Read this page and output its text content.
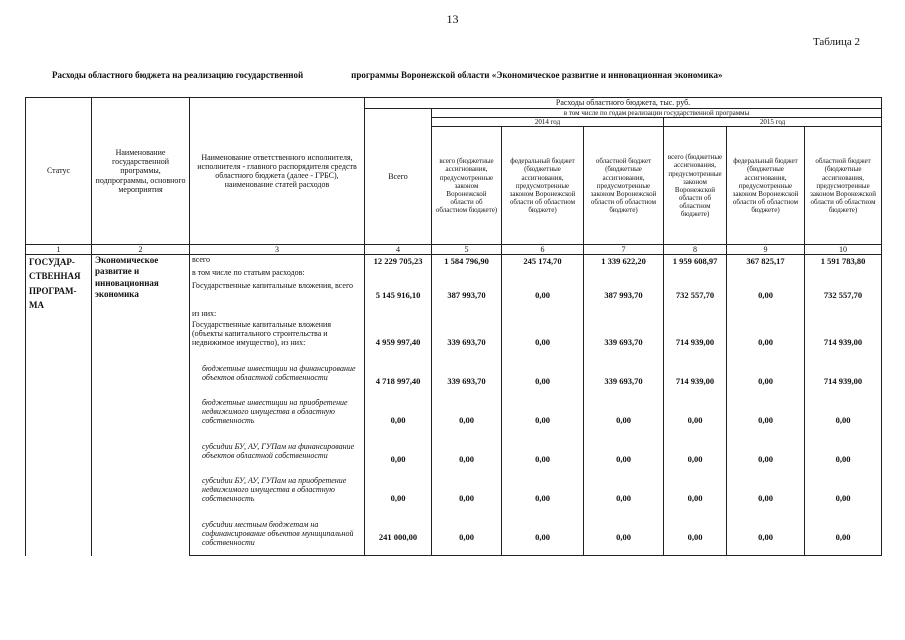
13
Таблица 2
Расходы областного бюджета на реализацию государственной	программы Воронежской области «Экономическое развитие и инновационная экономика»
Статус	Наименование государственной программы, подпрограммы, основного мероприятия	Наименование ответственного исполнителя, исполнителя - главного распорядителя средств областного бюджета (далее - ГРБС), наименование статей расходов	Расходы областного бюджета, тыс. руб.						
			Всего	в том числе по годам реализации государственной программы					
				2014 год			2015 год		
				всего (бюджетные ассигнования, предусмотренные законом Воронежской области об областном бюджете)	федеральный бюджет (бюджетные ассигнования, предусмотренные законом Воронежской области об областном бюджете)	областной бюджет (бюджетные ассигнования, предусмотренные законом Воронежской области об областном бюджете)	всего (бюджетные ассигнования, предусмотренные законом Воронежской области об областном бюджете)	федеральный бюджет (бюджетные ассигнования, предусмотренные законом Воронежской области об областном бюджете)	областной бюджет (бюджетные ассигнования, предусмотренные законом Воронежской области об областном бюджете)
1	2	3	4	5	6	7	8	9	10
ГОСУДАР-СТВЕННАЯ ПРОГРАМ-МА	Экономическое развитие и инновационная экономика	всего	12 229 705,23	1 584 796,90	245 174,70	1 339 622,20	1 959 608,97	367 825,17	1 591 783,80
		в том числе по статьям расходов:							
		Государственные капитальные вложения, всего	5 145 916,10	387 993,70	0,00	387 993,70	732 557,70	0,00	732 557,70
		из них:							
		Государственные капитальные вложения (объекты капитального строительства и недвижимое имущество), из них:	4 959 997,40	339 693,70	0,00	339 693,70	714 939,00	0,00	714 939,00
		бюджетные инвестиции на финансирование объектов областной собственности	4 718 997,40	339 693,70	0,00	339 693,70	714 939,00	0,00	714 939,00
		бюджетные инвестиции на приобретение недвижимого имущества в областную собственность	0,00	0,00	0,00	0,00	0,00	0,00	0,00
		субсидии БУ, АУ, ГУПам на финансирование объектов областной собственности	0,00	0,00	0,00	0,00	0,00	0,00	0,00
		субсидии БУ, АУ, ГУПам на приобретение недвижимого имущества в областную собственность	0,00	0,00	0,00	0,00	0,00	0,00	0,00
		субсидии местным бюджетам на софинансирование объектов муниципальной собственности	241 000,00	0,00	0,00	0,00	0,00	0,00	0,00
